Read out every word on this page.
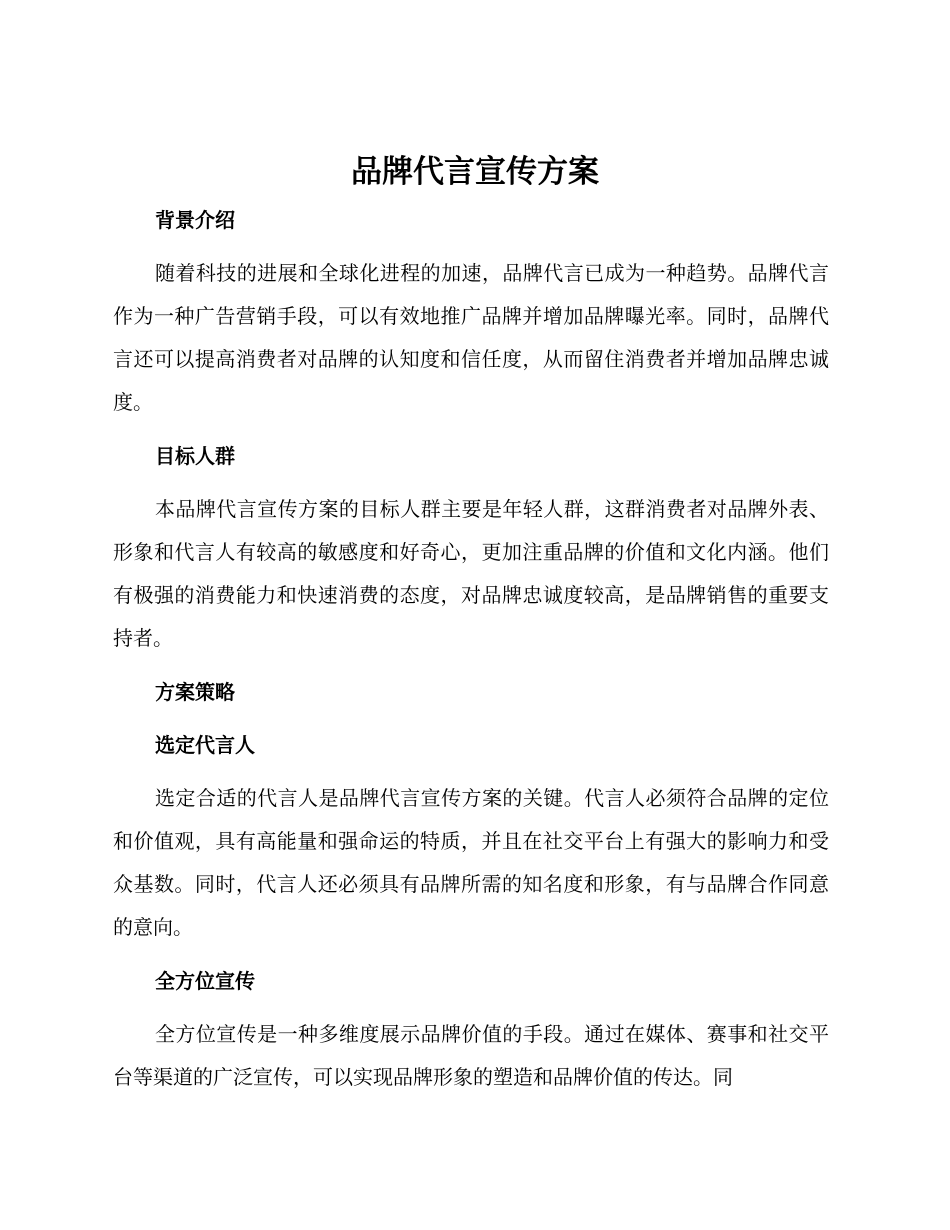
品牌代言宣传方案

背景介绍

随着科技的进展和全球化进程的加速，品牌代言已成为一种趋势。品牌代言作为一种广告营销手段，可以有效地推广品牌并增加品牌曝光率。同时，品牌代言还可以提高消费者对品牌的认知度和信任度，从而留住消费者并增加品牌忠诚度。

目标人群

本品牌代言宣传方案的目标人群主要是年轻人群，这群消费者对品牌外表、形象和代言人有较高的敏感度和好奇心，更加注重品牌的价值和文化内涵。他们有极强的消费能力和快速消费的态度，对品牌忠诚度较高，是品牌销售的重要支持者。

方案策略

选定代言人

选定合适的代言人是品牌代言宣传方案的关键。代言人必须符合品牌的定位和价值观，具有高能量和强命运的特质，并且在社交平台上有强大的影响力和受众基数。同时，代言人还必须具有品牌所需的知名度和形象，有与品牌合作同意的意向。

全方位宣传

全方位宣传是一种多维度展示品牌价值的手段。通过在媒体、赛事和社交平台等渠道的广泛宣传，可以实现品牌形象的塑造和品牌价值的传达。同
